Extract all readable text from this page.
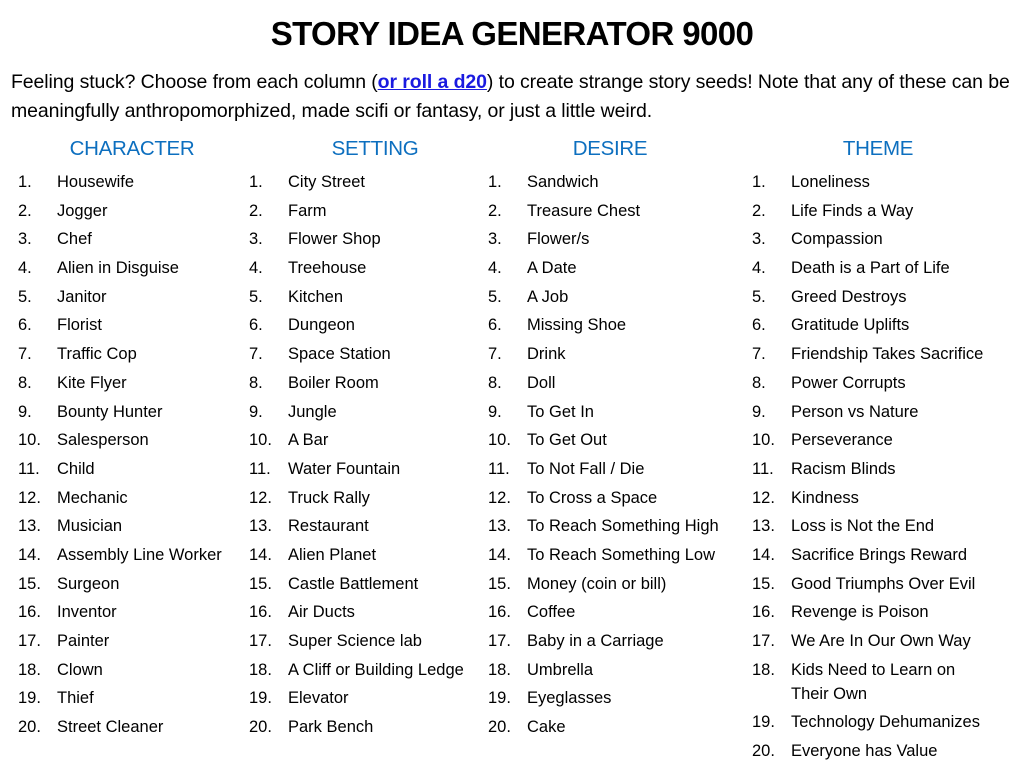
STORY IDEA GENERATOR 9000
Feeling stuck? Choose from each column (or roll a d20) to create strange story seeds! Note that any of these can be meaningfully anthropomorphized, made scifi or fantasy, or just a little weird.
CHARACTER
1. Housewife
2. Jogger
3. Chef
4. Alien in Disguise
5. Janitor
6. Florist
7. Traffic Cop
8. Kite Flyer
9. Bounty Hunter
10. Salesperson
11. Child
12. Mechanic
13. Musician
14. Assembly Line Worker
15. Surgeon
16. Inventor
17. Painter
18. Clown
19. Thief
20. Street Cleaner
SETTING
1. City Street
2. Farm
3. Flower Shop
4. Treehouse
5. Kitchen
6. Dungeon
7. Space Station
8. Boiler Room
9. Jungle
10. A Bar
11. Water Fountain
12. Truck Rally
13. Restaurant
14. Alien Planet
15. Castle Battlement
16. Air Ducts
17. Super Science lab
18. A Cliff or Building Ledge
19. Elevator
20. Park Bench
DESIRE
1. Sandwich
2. Treasure Chest
3. Flower/s
4. A Date
5. A Job
6. Missing Shoe
7. Drink
8. Doll
9. To Get In
10. To Get Out
11. To Not Fall / Die
12. To Cross a Space
13. To Reach Something High
14. To Reach Something Low
15. Money (coin or bill)
16. Coffee
17. Baby in a Carriage
18. Umbrella
19. Eyeglasses
20. Cake
THEME
1. Loneliness
2. Life Finds a Way
3. Compassion
4. Death is a Part of Life
5. Greed Destroys
6. Gratitude Uplifts
7. Friendship Takes Sacrifice
8. Power Corrupts
9. Person vs Nature
10. Perseverance
11. Racism Blinds
12. Kindness
13. Loss is Not the End
14. Sacrifice Brings Reward
15. Good Triumphs Over Evil
16. Revenge is Poison
17. We Are In Our Own Way
18. Kids Need to Learn on Their Own
19. Technology Dehumanizes
20. Everyone has Value
